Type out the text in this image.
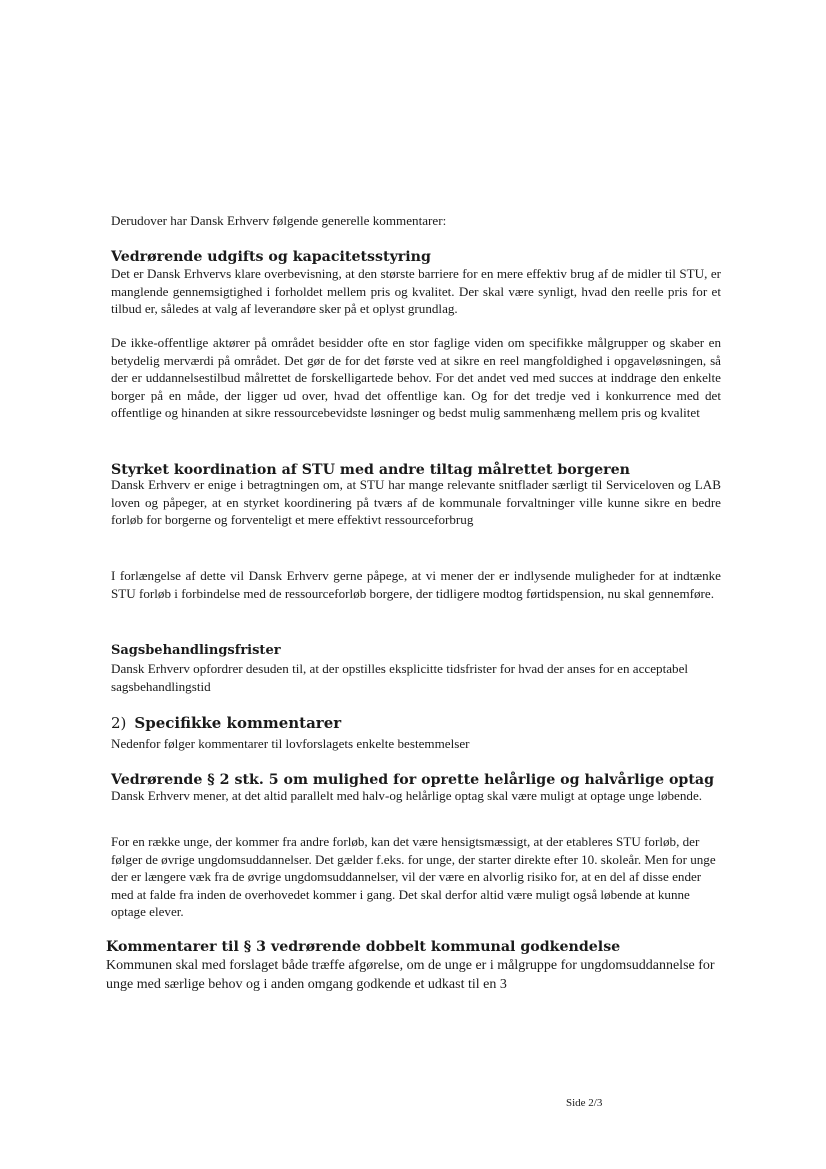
Derudover har Dansk Erhverv følgende generelle kommentarer:

Vedrørende udgifts og kapacitetsstyring

Det er Dansk Erhvervs klare overbevisning, at den største barriere for en mere effektiv brug af de midler til STU, er manglende gennemsigtighed i forholdet mellem pris og kvalitet. Der skal være synligt, hvad den reelle pris for et tilbud er, således at valg af leverandøre sker på et oplyst grundlag.

De ikke-offentlige aktører på området besidder ofte en stor faglige viden om specifikke målgrupper og skaber en betydelig merværdi på området. Det gør de for det første ved at sikre en reel mangfoldighed i opgaveløsningen, så der er uddannelsestilbud målrettet de forskelligartede behov. For det andet ved med succes at inddrage den enkelte borger på en måde, der ligger ud over, hvad det offentlige kan. Og for det tredje ved i konkurrence med det offentlige og hinanden at sikre ressourcebevidste løsninger og bedst mulig sammenhæng mellem pris og kvalitet

Styrket koordination af STU med andre tiltag målrettet borgeren

Dansk Erhverv er enige i betragtningen om, at STU har mange relevante snitflader særligt til Serviceloven og LAB loven og påpeger, at en styrket koordinering på tværs af de kommunale forvaltninger ville kunne sikre en bedre forløb for borgerne og forventeligt et mere effektivt ressourceforbrug

I forlængelse af dette vil Dansk Erhverv gerne påpege, at vi mener der er indlysende muligheder for at indtænke STU forløb i forbindelse med de ressourceforløb borgere, der tidligere modtog førtidspension, nu skal gennemføre.

Sagsbehandlingsfrister

Dansk Erhverv opfordrer desuden til, at der opstilles eksplicitte tidsfrister for hvad der anses for en acceptabel sagsbehandlingstid

2) Specifikke kommentarer

Nedenfor følger kommentarer til lovforslagets enkelte bestemmelser

Vedrørende § 2 stk. 5 om mulighed for oprette helårlige og halvårlige optag

Dansk Erhverv mener, at det altid parallelt med halv-og helårlige optag skal være muligt at optage unge løbende.

For en række unge, der kommer fra andre forløb, kan det være hensigtsmæssigt, at der etableres STU forløb, der følger de øvrige ungdomsuddannelser. Det gælder f.eks. for unge, der starter direkte efter 10. skoleår. Men for unge der er længere væk fra de øvrige ungdomsuddannelser, vil der være en alvorlig risiko for, at en del af disse ender med at falde fra inden de overhovedet kommer i gang. Det skal derfor altid være muligt også løbende at kunne optage elever.

Kommentarer til § 3 vedrørende dobbelt kommunal godkendelse

Kommunen skal med forslaget både træffe afgørelse, om de unge er i målgruppe for ungdomsuddannelse for unge med særlige behov og i anden omgang godkende et udkast til en 3

Side 2/3
